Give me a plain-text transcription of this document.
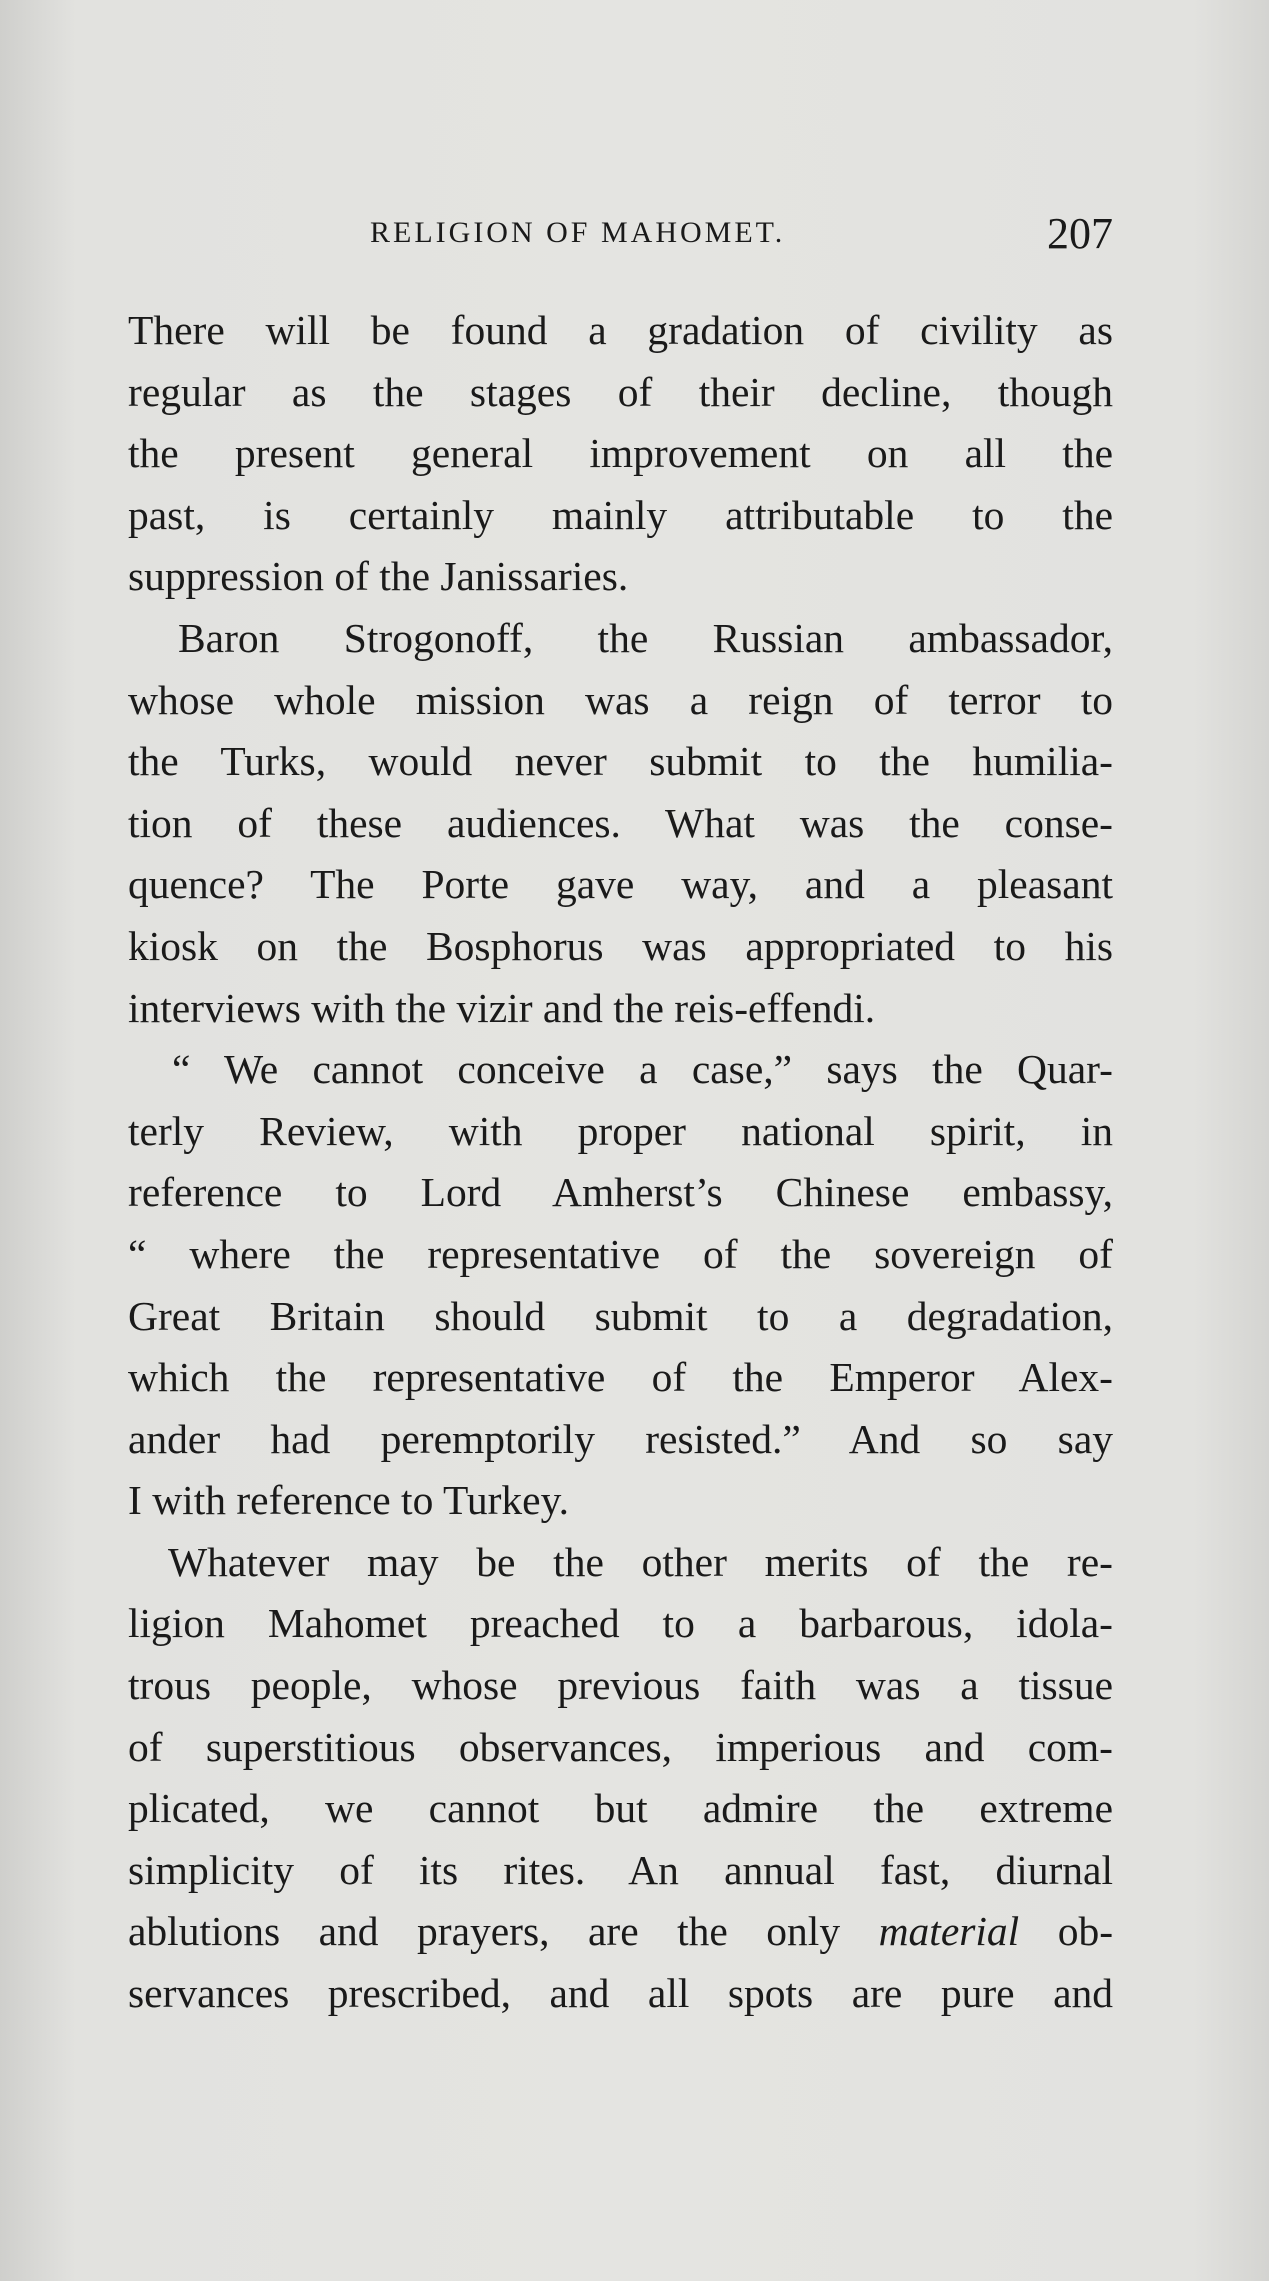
RELIGION OF MAHOMET.	207

There will be found a gradation of civility as
regular as the stages of their decline, though
the present general improvement on all the
past, is certainly mainly attributable to the
suppression of the Janissaries.

Baron Strogonoff, the Russian ambassador,
whose whole mission was a reign of terror to
the Turks, would never submit to the humilia-
tion of these audiences. What was the conse-
quence? The Porte gave way, and a pleasant
kiosk on the Bosphorus was appropriated to his
interviews with the vizir and the reis-effendi.

“ We cannot conceive a case,” says the Quar-
terly Review, with proper national spirit, in
reference to Lord Amherst’s Chinese embassy,
“ where the representative of the sovereign of
Great Britain should submit to a degradation,
which the representative of the Emperor Alex-
ander had peremptorily resisted.” And so say
I with reference to Turkey.

Whatever may be the other merits of the re-
ligion Mahomet preached to a barbarous, idola-
trous people, whose previous faith was a tissue
of superstitious observances, imperious and com-
plicated, we cannot but admire the extreme
simplicity of its rites. An annual fast, diurnal
ablutions and prayers, are the only material ob-
servances prescribed, and all spots are pure and
